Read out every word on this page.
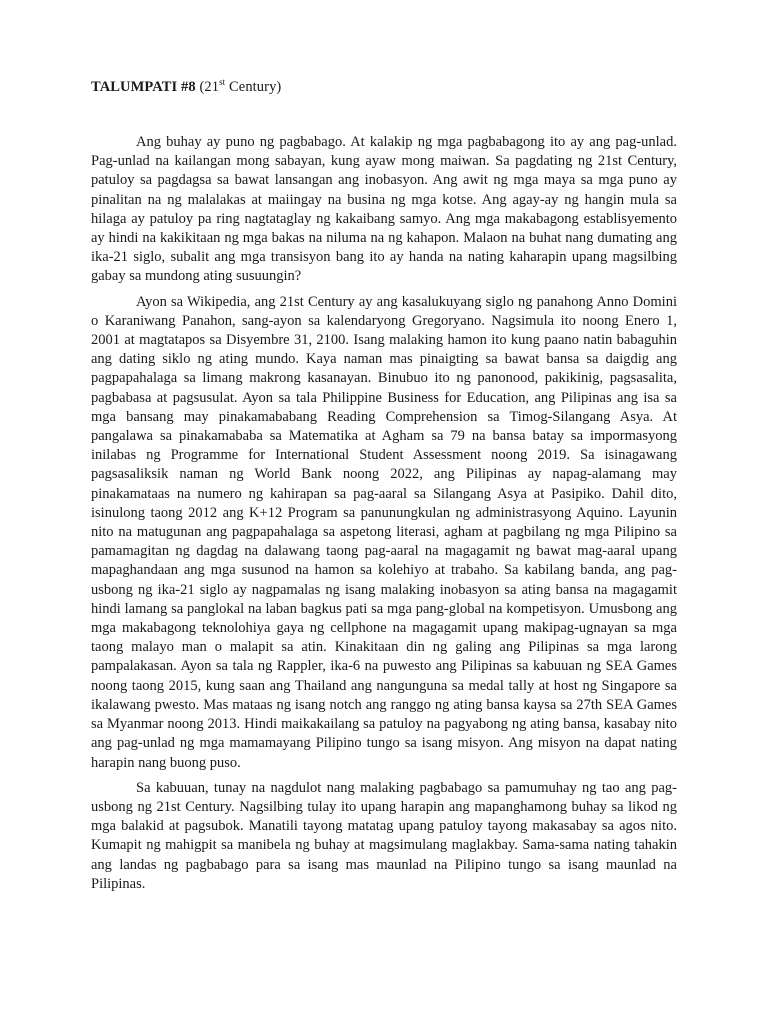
TALUMPATI #8 (21st Century)

Ang buhay ay puno ng pagbabago. At kalakip ng mga pagbabagong ito ay ang pag-unlad. Pag-unlad na kailangan mong sabayan, kung ayaw mong maiwan. Sa pagdating ng 21st Century, patuloy sa pagdagsa sa bawat lansangan ang inobasyon. Ang awit ng mga maya sa mga puno ay pinalitan na ng malalakas at maiingay na busina ng mga kotse. Ang agay-ay ng hangin mula sa hilaga ay patuloy pa ring nagtataglay ng kakaibang samyo. Ang mga makabagong establisyemento ay hindi na kakikitaan ng mga bakas na niluma na ng kahapon. Malaon na buhat nang dumating ang ika-21 siglo, subalit ang mga transisyon bang ito ay handa na nating kaharapin upang magsilbing gabay sa mundong ating susuungin?

Ayon sa Wikipedia, ang 21st Century ay ang kasalukuyang siglo ng panahong Anno Domini o Karaniwang Panahon, sang-ayon sa kalendaryong Gregoryano. Nagsimula ito noong Enero 1, 2001 at magtatapos sa Disyembre 31, 2100. Isang malaking hamon ito kung paano natin babaguhin ang dating siklo ng ating mundo. Kaya naman mas pinaigting sa bawat bansa sa daigdig ang pagpapahalaga sa limang makrong kasanayan. Binubuo ito ng panonood, pakikinig, pagsasalita, pagbabasa at pagsusulat. Ayon sa tala Philippine Business for Education, ang Pilipinas ang isa sa mga bansang may pinakamababang Reading Comprehension sa Timog-Silangang Asya. At pangalawa sa pinakamababa sa Matematika at Agham sa 79 na bansa batay sa impormasyong inilabas ng Programme for International Student Assessment noong 2019. Sa isinagawang pagsasaliksik naman ng World Bank noong 2022, ang Pilipinas ay napag-alamang may pinakamataas na numero ng kahirapan sa pag-aaral sa Silangang Asya at Pasipiko. Dahil dito, isinulong taong 2012 ang K+12 Program sa panunungkulan ng administrasyong Aquino. Layunin nito na matugunan ang pagpapahalaga sa aspetong literasi, agham at pagbilang ng mga Pilipino sa pamamagitan ng dagdag na dalawang taong pag-aaral na magagamit ng bawat mag-aaral upang mapaghandaan ang mga susunod na hamon sa kolehiyo at trabaho. Sa kabilang banda, ang pag-usbong ng ika-21 siglo ay nagpamalas ng isang malaking inobasyon sa ating bansa na magagamit hindi lamang sa panglokal na laban bagkus pati sa mga pang-global na kompetisyon. Umusbong ang mga makabagong teknolohiya gaya ng cellphone na magagamit upang makipag-ugnayan sa mga taong malayo man o malapit sa atin. Kinakitaan din ng galing ang Pilipinas sa mga larong pampalakasan. Ayon sa tala ng Rappler, ika-6 na puwesto ang Pilipinas sa kabuuan ng SEA Games noong taong 2015, kung saan ang Thailand ang nangunguna sa medal tally at host ng Singapore sa ikalawang pwesto. Mas mataas ng isang notch ang ranggo ng ating bansa kaysa sa 27th SEA Games sa Myanmar noong 2013. Hindi maikakailang sa patuloy na pagyabong ng ating bansa, kasabay nito ang pag-unlad ng mga mamamayang Pilipino tungo sa isang misyon. Ang misyon na dapat nating harapin nang buong puso.

Sa kabuuan, tunay na nagdulot nang malaking pagbabago sa pamumuhay ng tao ang pag-usbong ng 21st Century. Nagsilbing tulay ito upang harapin ang mapanghamong buhay sa likod ng mga balakid at pagsubok. Manatili tayong matatag upang patuloy tayong makasabay sa agos nito. Kumapit ng mahigpit sa manibela ng buhay at magsimulang maglakbay. Sama-sama nating tahakin ang landas ng pagbabago para sa isang mas maunlad na Pilipino tungo sa isang maunlad na Pilipinas.
